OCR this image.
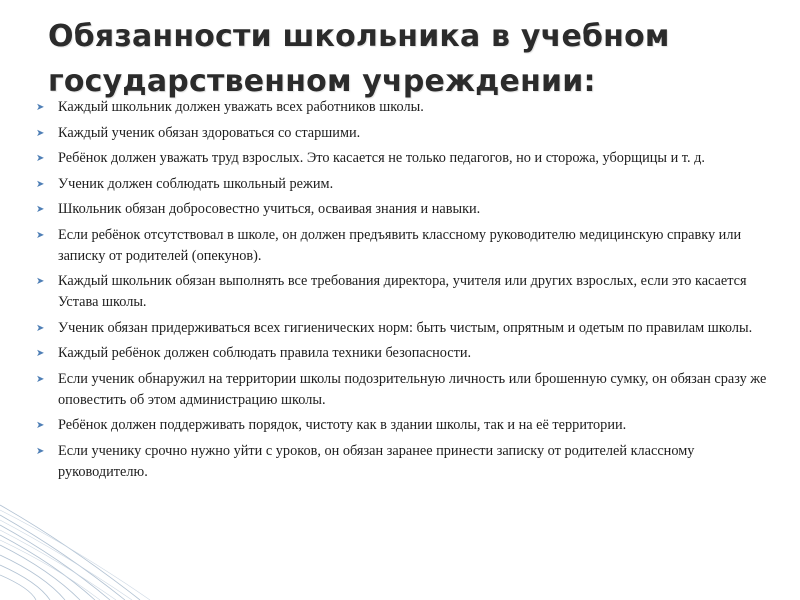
Обязанности школьника в учебном государственном учреждении:
➤ Каждый школьник должен уважать всех работников школы.
➤ Каждый ученик обязан здороваться со старшими.
➤ Ребёнок должен уважать труд взрослых. Это касается не только педагогов, но и сторожа, уборщицы и т. д.
➤ Ученик должен соблюдать школьный режим.
➤ Школьник обязан добросовестно учиться, осваивая знания и навыки.
➤ Если ребёнок отсутствовал в школе, он должен предъявить классному руководителю медицинскую справку или записку от родителей (опекунов).
➤ Каждый школьник обязан выполнять все требования директора, учителя или других взрослых, если это касается Устава школы.
➤ Ученик обязан придерживаться всех гигиенических норм: быть чистым, опрятным и одетым по правилам школы.
➤ Каждый ребёнок должен соблюдать правила техники безопасности.
➤ Если ученик обнаружил на территории школы подозрительную личность или брошенную сумку, он обязан сразу же оповестить об этом администрацию школы.
➤ Ребёнок должен поддерживать порядок, чистоту как в здании школы, так и на её территории.
➤ Если ученику срочно нужно уйти с уроков, он обязан заранее принести записку от родителей классному руководителю.
